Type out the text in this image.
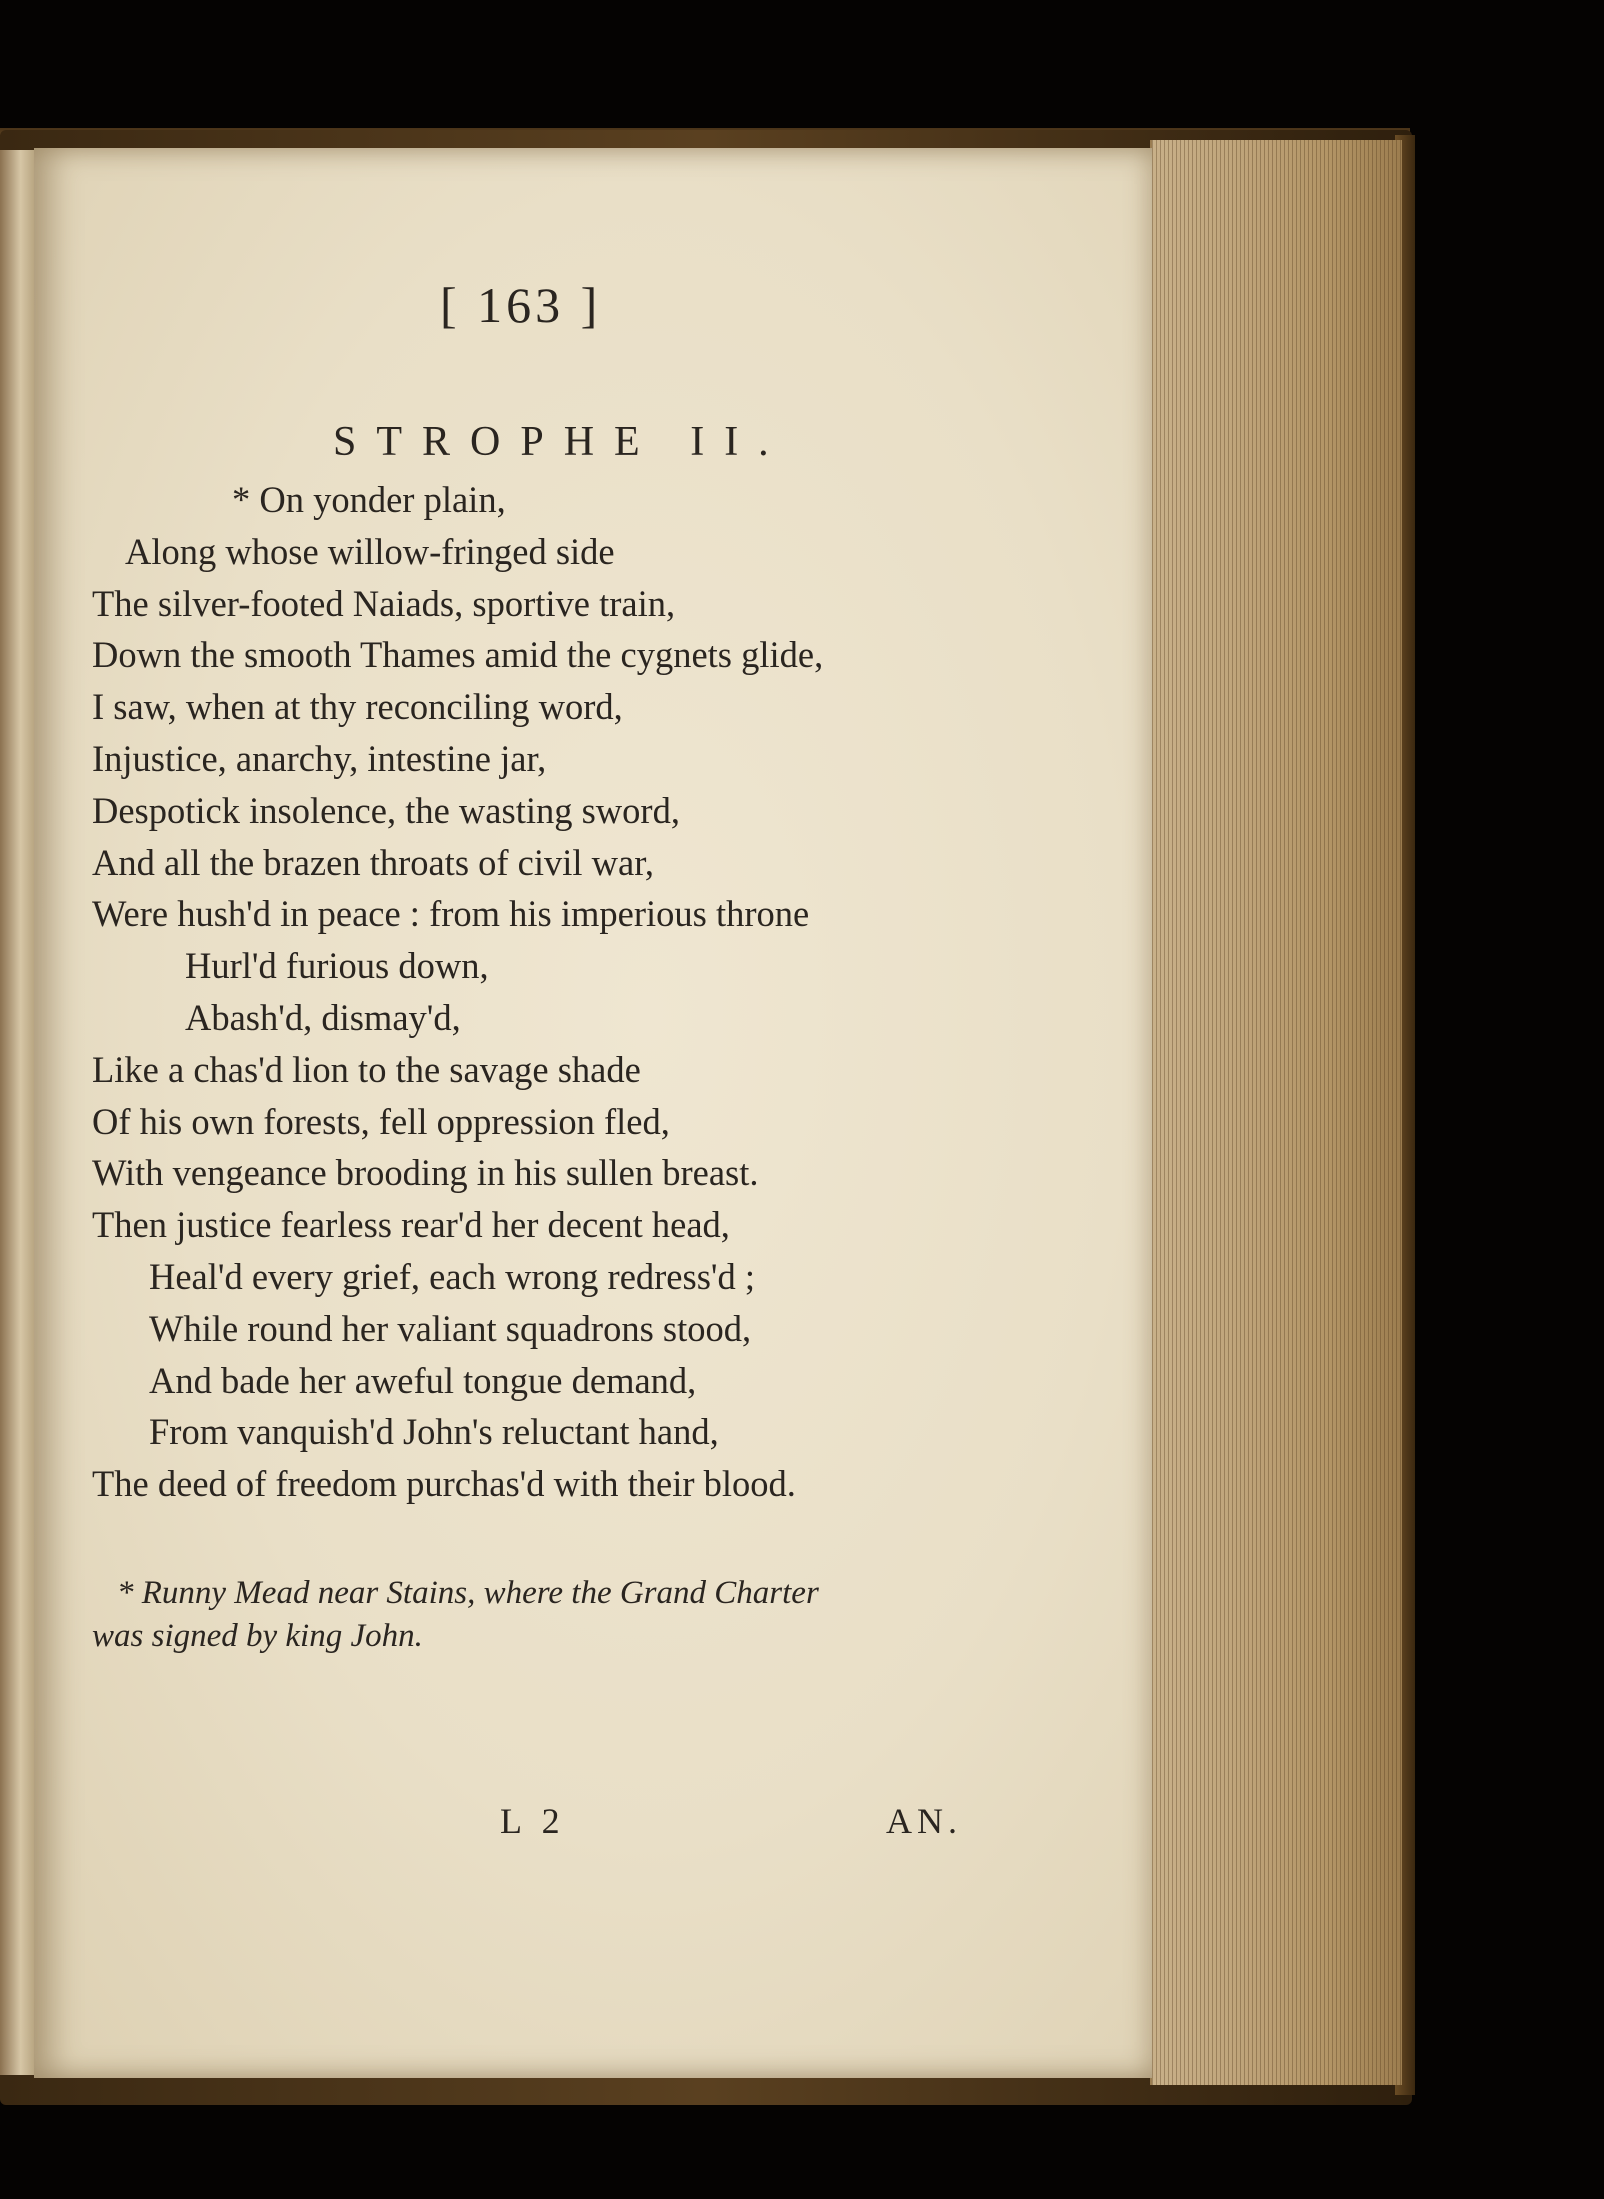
[ 163 ]
STROPHE II.
* On yonder plain,
Along whose willow-fringed side
The silver-footed Naiads, sportive train,
Down the smooth Thames amid the cygnets glide,
I saw, when at thy reconciling word,
Injustice, anarchy, intestine jar,
Despotick insolence, the wasting sword,
And all the brazen throats of civil war,
Were hush'd in peace : from his imperious throne
Hurl'd furious down,
Abash'd, dismay'd,
Like a chas'd lion to the savage shade
Of his own forests, fell oppression fled,
With vengeance brooding in his sullen breast.
Then justice fearless rear'd her decent head,
Heal'd every grief, each wrong redress'd ;
While round her valiant squadrons stood,
And bade her aweful tongue demand,
From vanquish'd John's reluctant hand,
The deed of freedom purchas'd with their blood.
* Runny Mead near Stains, where the Grand Charter
was signed by king John.
L 2	AN.
